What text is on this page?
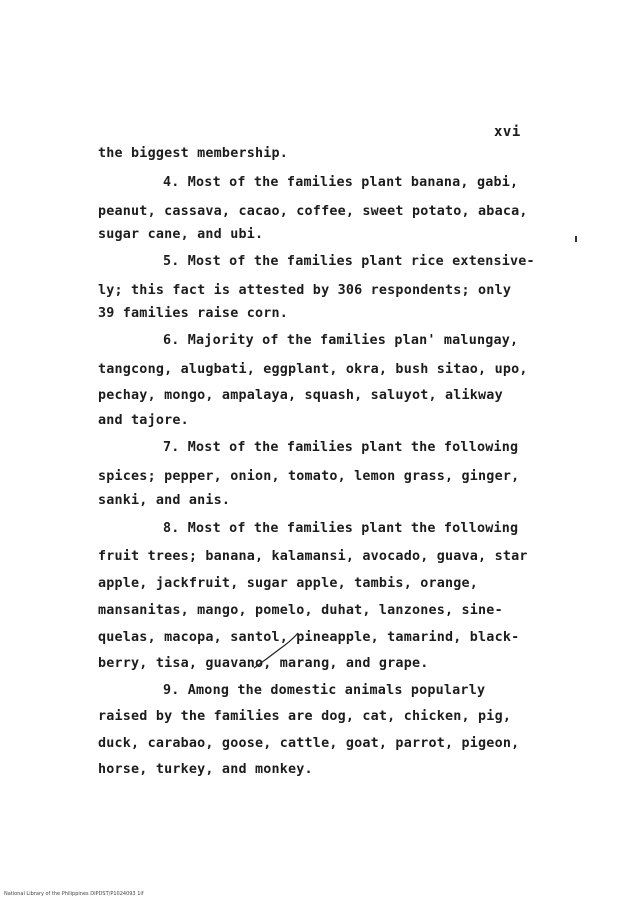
xvi
the biggest membership.
4. Most of the families plant banana, gabi,
peanut, cassava, cacao, coffee, sweet potato, abaca,
sugar cane, and ubi.
5. Most of the families plant rice extensive-
ly; this fact is attested by 306 respondents; only
39 families raise corn.
6. Majority of the families plan' malungay,
tangcong, alugbati, eggplant, okra, bush sitao, upo,
pechay, mongo, ampalaya, squash, saluyot, alikway
and tajore.
7. Most of the families plant the following
spices; pepper, onion, tomato, lemon grass, ginger,
sanki, and anis.
8. Most of the families plant the following
fruit trees; banana, kalamansi, avocado, guava, star
apple, jackfruit, sugar apple, tambis, orange,
mansanitas, mango, pomelo, duhat, lanzones, sine-
quelas, macopa, santol, pineapple, tamarind, black-
berry, tisa, guavano, marang, and grape.
9. Among the domestic animals popularly
raised by the families are dog, cat, chicken, pig,
duck, carabao, goose, cattle, goat, parrot, pigeon,
horse, turkey, and monkey.
National Library of the Philippines DIPDST/P1024093 1if
